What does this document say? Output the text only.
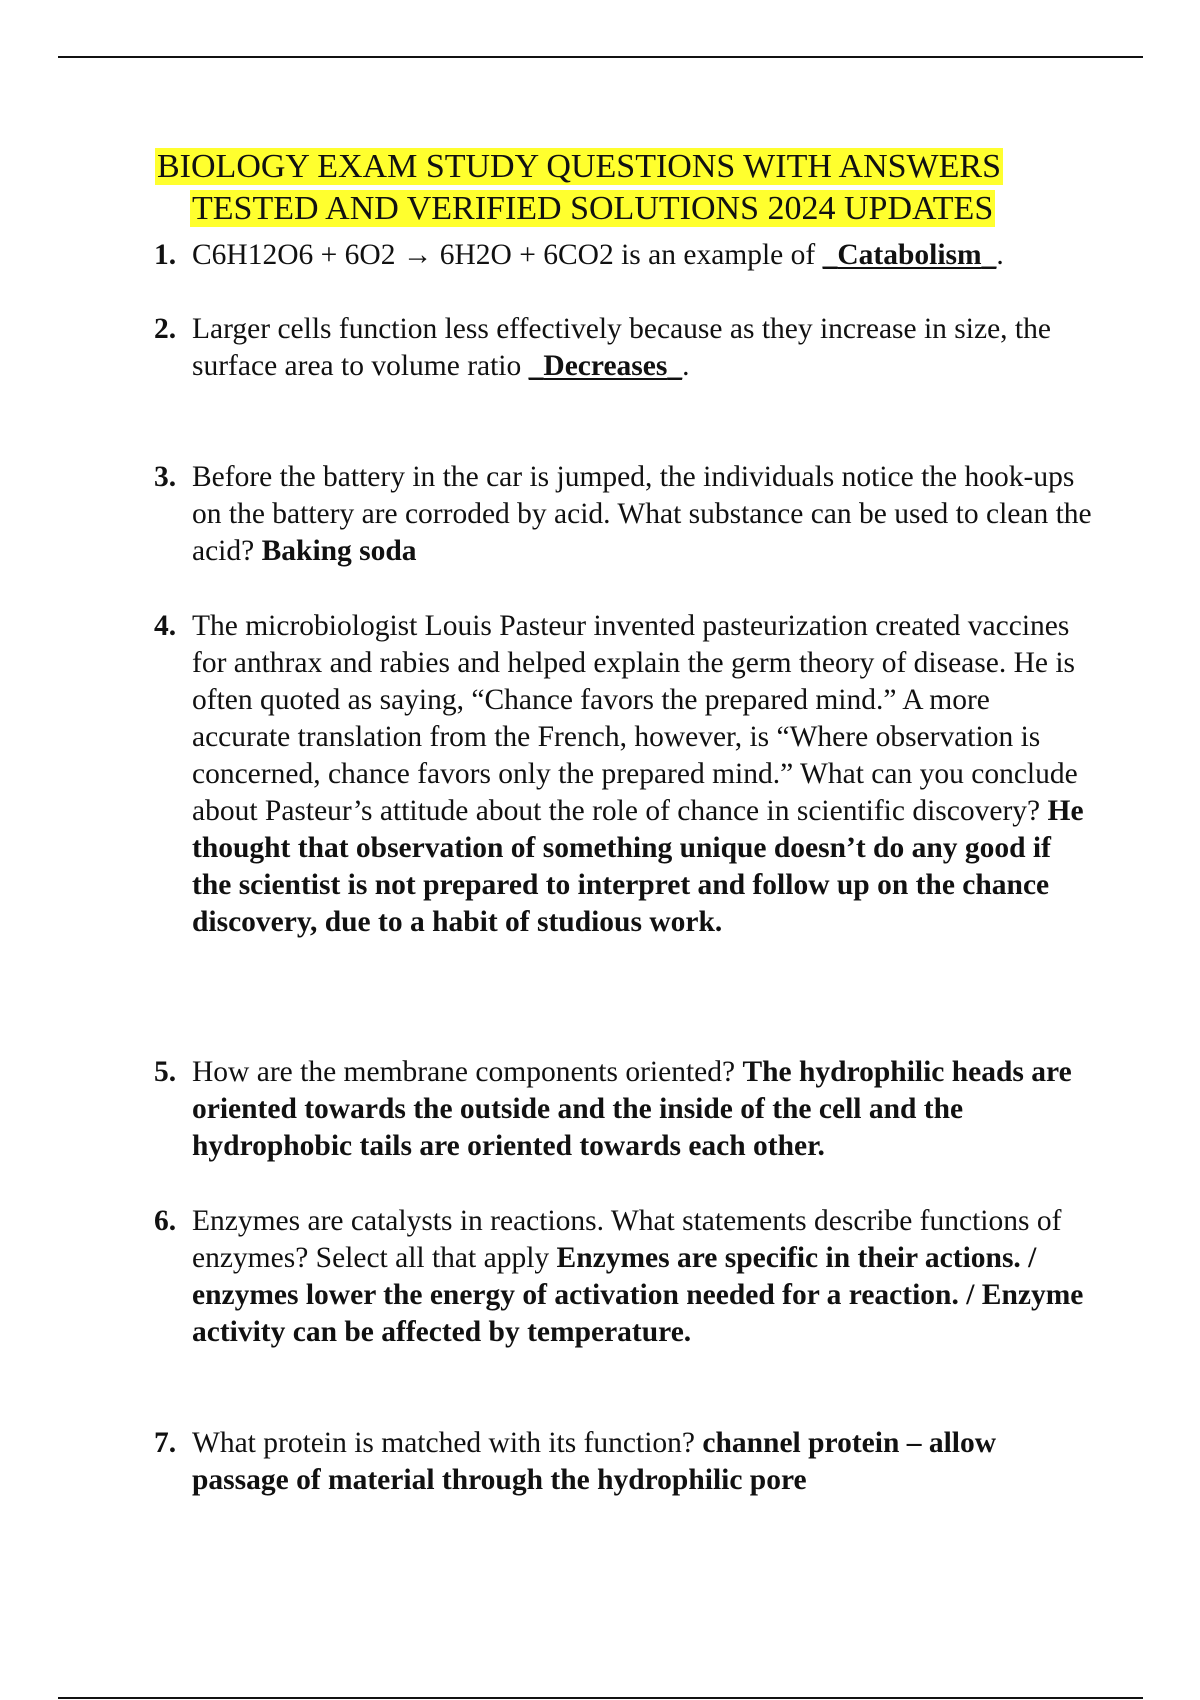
BIOLOGY EXAM STUDY QUESTIONS WITH ANSWERS
TESTED AND VERIFIED SOLUTIONS 2024 UPDATES
1. C6H12O6 + 6O2 → 6H2O + 6CO2 is an example of _Catabolism_.
2. Larger cells function less effectively because as they increase in size, the surface area to volume ratio _Decreases_.
3. Before the battery in the car is jumped, the individuals notice the hook-ups on the battery are corroded by acid. What substance can be used to clean the acid? Baking soda
4. The microbiologist Louis Pasteur invented pasteurization created vaccines for anthrax and rabies and helped explain the germ theory of disease. He is often quoted as saying, “Chance favors the prepared mind.” A more accurate translation from the French, however, is “Where observation is concerned, chance favors only the prepared mind.” What can you conclude about Pasteur’s attitude about the role of chance in scientific discovery? He thought that observation of something unique doesn’t do any good if the scientist is not prepared to interpret and follow up on the chance discovery, due to a habit of studious work.
5. How are the membrane components oriented? The hydrophilic heads are oriented towards the outside and the inside of the cell and the hydrophobic tails are oriented towards each other.
6. Enzymes are catalysts in reactions. What statements describe functions of enzymes? Select all that apply Enzymes are specific in their actions. / enzymes lower the energy of activation needed for a reaction. / Enzyme activity can be affected by temperature.
7. What protein is matched with its function? channel protein – allow passage of material through the hydrophilic pore
